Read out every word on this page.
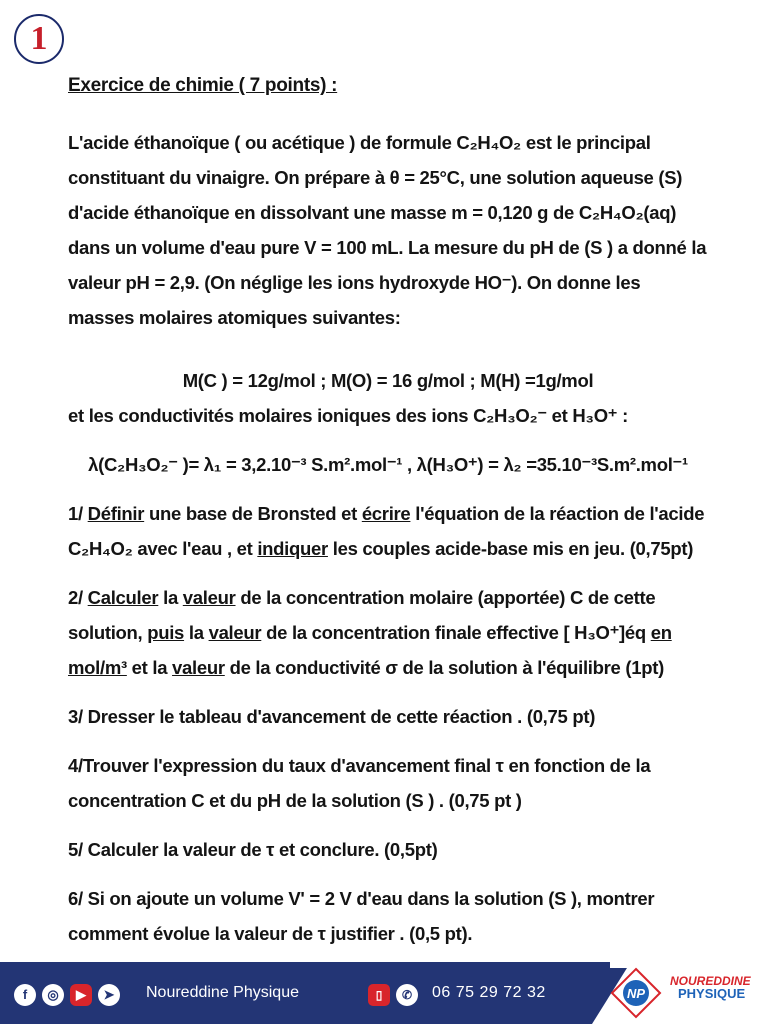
1
Exercice de chimie ( 7 points) :

L'acide éthanoïque ( ou acétique ) de formule C₂H₄O₂ est le principal constituant du vinaigre. On prépare à θ = 25°C, une solution aqueuse (S) d'acide éthanoïque en dissolvant une masse m = 0,120 g de C₂H₄O₂(aq) dans un volume d'eau pure V = 100 mL. La mesure du pH de (S ) a donné la valeur pH = 2,9. (On néglige les ions hydroxyde HO⁻). On donne les masses molaires atomiques suivantes:

M(C ) = 12g/mol ; M(O) = 16 g/mol ; M(H) =1g/mol
et les conductivités molaires ioniques des ions C₂H₃O₂⁻ et H₃O⁺ :
λ(C₂H₃O₂⁻ )= λ₁ = 3,2.10⁻³ S.m².mol⁻¹ , λ(H₃O⁺) = λ₂ =35.10⁻³S.m².mol⁻¹

1/ Définir une base de Bronsted et écrire l'équation de la réaction de l'acide C₂H₄O₂ avec l'eau , et indiquer les couples acide-base mis en jeu. (0,75pt)

2/ Calculer la valeur de la concentration molaire (apportée) C de cette solution, puis la valeur de la concentration finale effective [ H₃O⁺]éq en mol/m³ et la valeur de la conductivité σ de la solution à l'équilibre (1pt)

3/ Dresser le tableau d'avancement de cette réaction . (0,75 pt)

4/Trouver l'expression du taux d'avancement final τ en fonction de la concentration C et du pH de la solution (S ) . (0,75 pt )

5/ Calculer la valeur de τ et conclure. (0,5pt)

6/ Si on ajoute un volume V' = 2 V d'eau dans la solution (S ), montrer comment évolue la valeur de τ justifier . (0,5 pt).

f	◎	▶	➤	Noureddine Physique	▯	✆	06 75 29 72 32	NP
NOUREDDINE
PHYSIQUE
